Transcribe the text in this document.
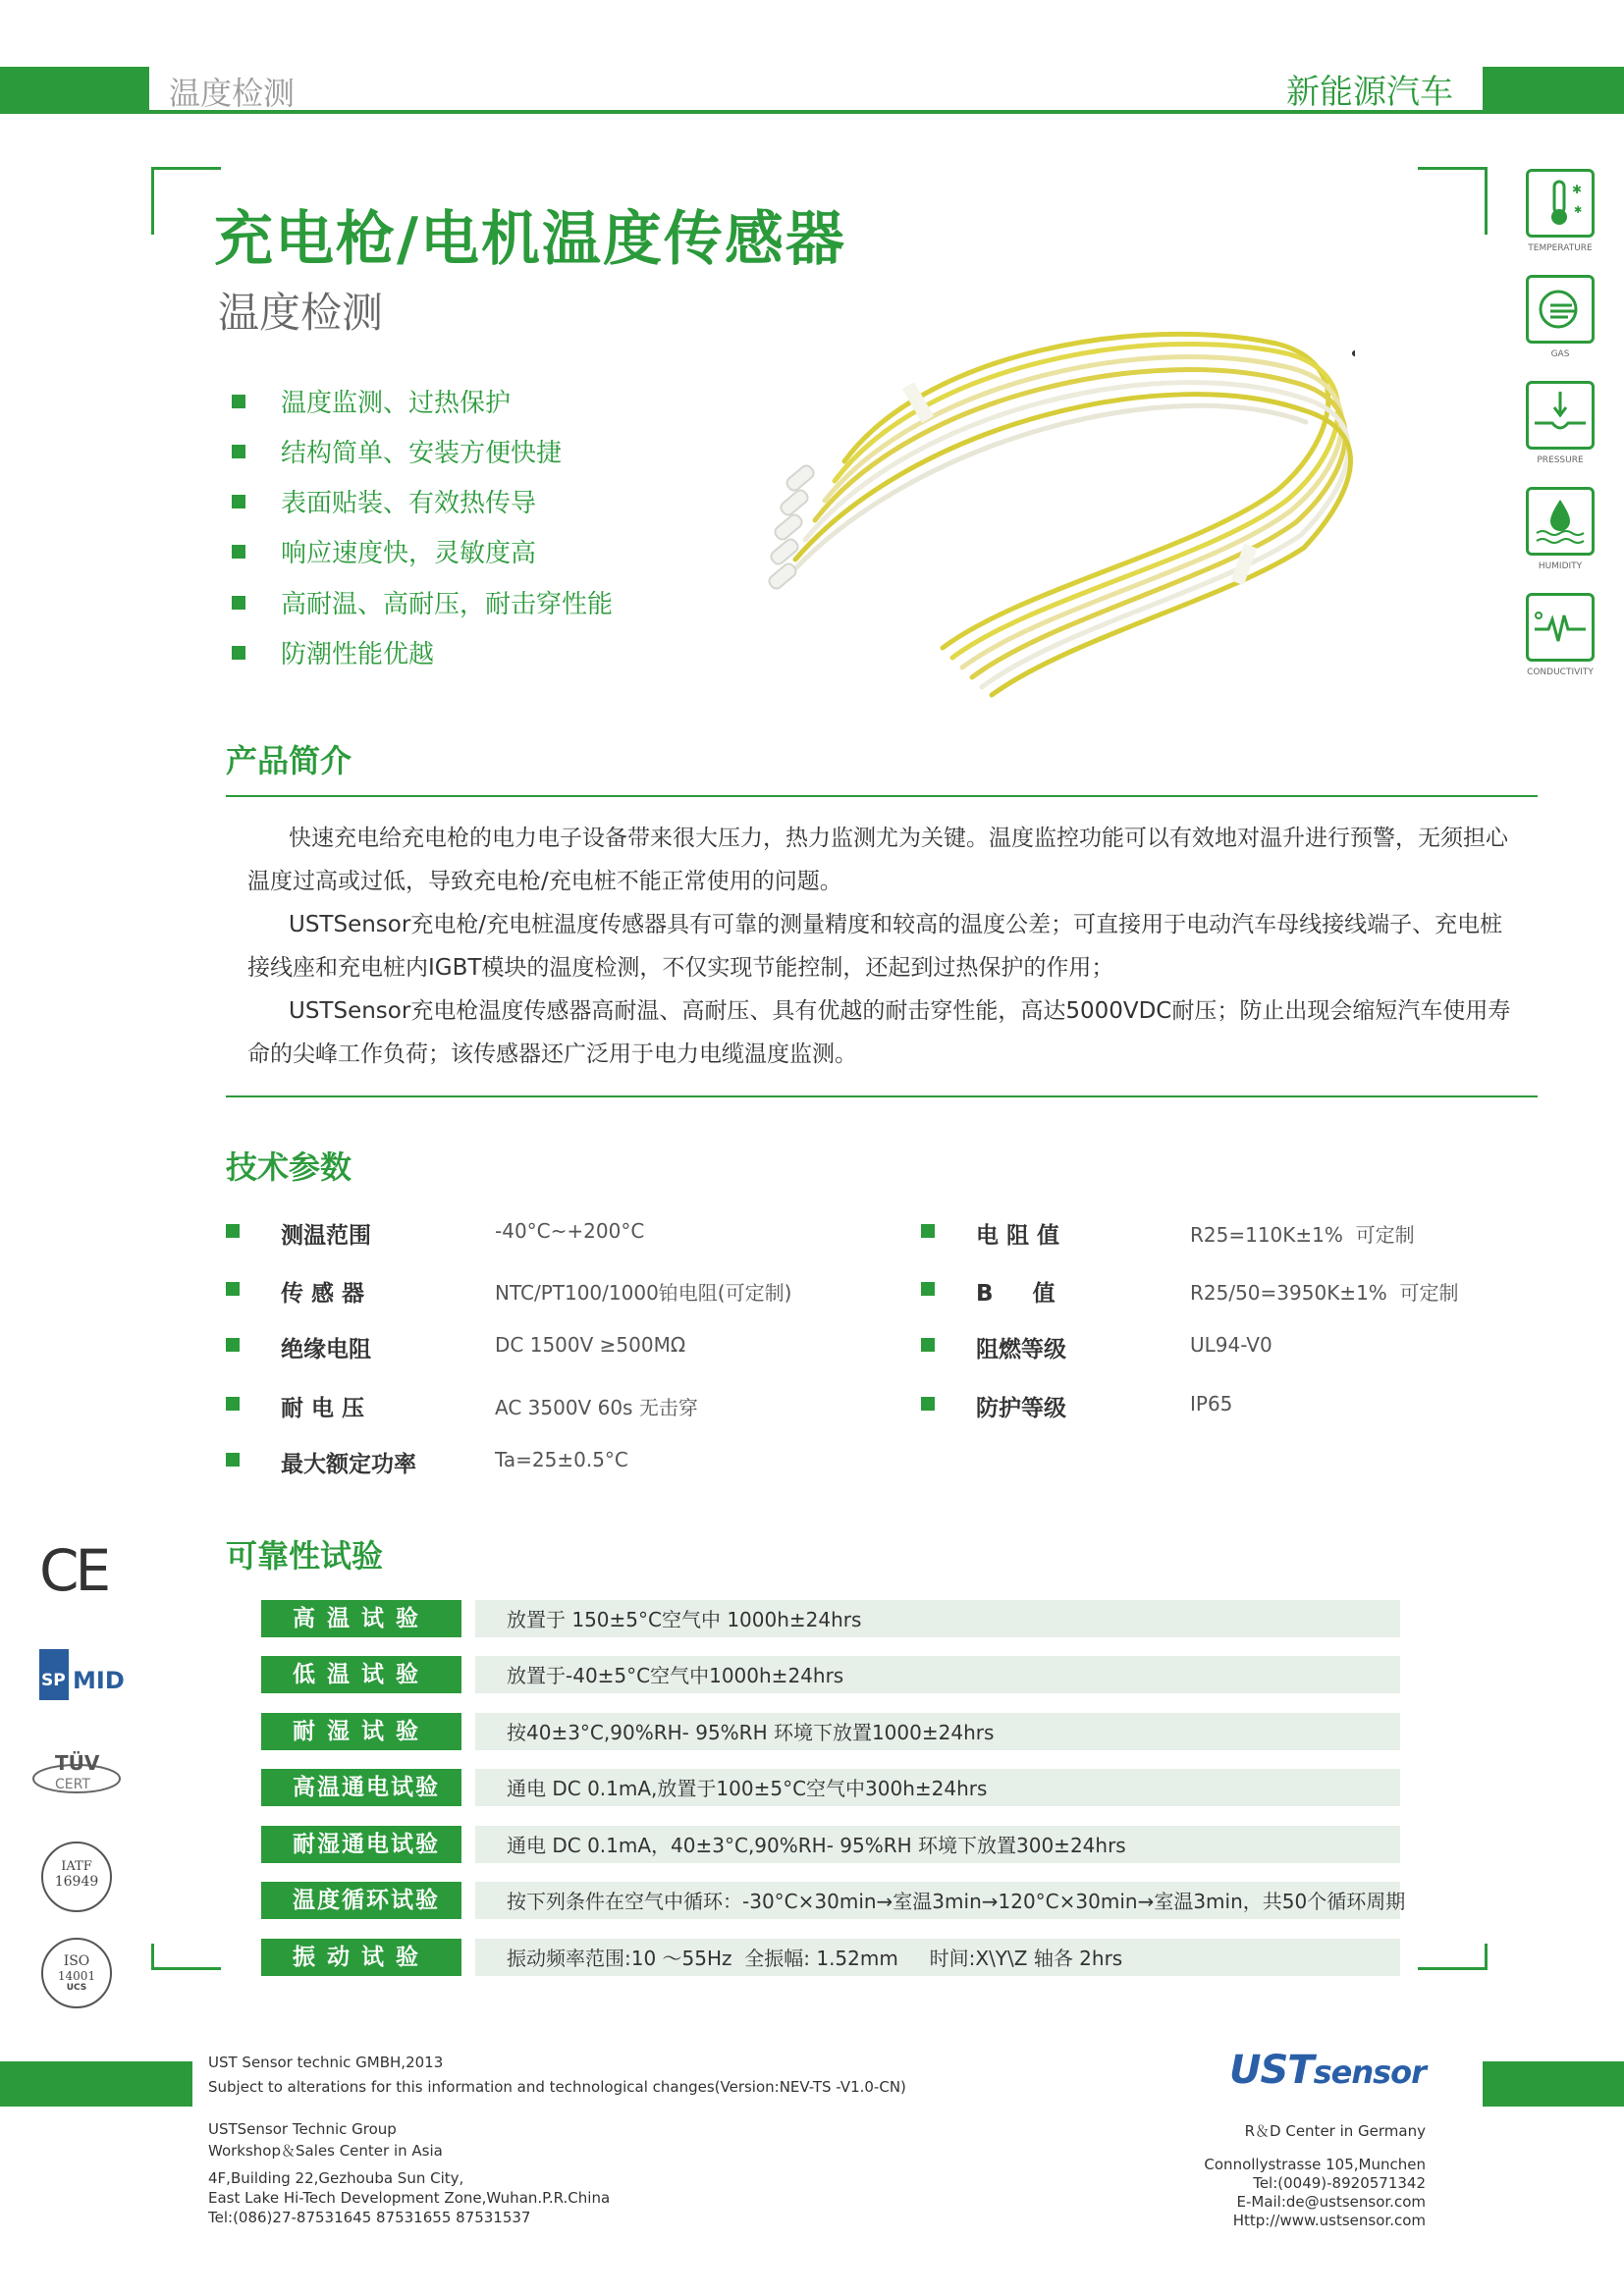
温度检测	新能源汽车
充电枪/电机温度传感器
温度检测
温度监测、过热保护
结构简单、安装方便快捷
表面贴装、有效热传导
响应速度快，灵敏度高
高耐温、高耐压，耐击穿性能
防潮性能优越
✱
✱
TEMPERATURE
GAS
PRESSURE
HUMIDITY
CONDUCTIVITY
产品简介

快速充电给充电枪的电力电子设备带来很大压力，热力监测尤为关键。温度监控功能可以有效地对温升进行预警，无须担心温度过高或过低，导致充电枪/充电桩不能正常使用的问题。

USTSensor充电枪/充电桩温度传感器具有可靠的测量精度和较高的温度公差；可直接用于电动汽车母线接线端子、充电桩接线座和充电桩内IGBT模块的温度检测，不仅实现节能控制，还起到过热保护的作用；

USTSensor充电枪温度传感器高耐温、高耐压、具有优越的耐击穿性能，高达5000VDC耐压；防止出现会缩短汽车使用寿命的尖峰工作负荷；该传感器还广泛用于电力电缆温度监测。

技术参数
测温范围	-40°C~+200°C
传 感 器	NTC/PT100/1000铂电阻(可定制)
绝缘电阻	DC 1500V ≥500MΩ
耐 电 压	AC 3500V 60s 无击穿
最大额定功率	Ta=25±0.5°C
电 阻 值	R25=110K±1%  可定制
B     值	R25/50=3950K±1%  可定制
阻燃等级	UL94-V0
防护等级	IP65
可靠性试验
高 温 试 验	放置于 150±5°C空气中 1000h±24hrs
低 温 试 验	放置于-40±5°C空气中1000h±24hrs
耐 湿 试 验	按40±3°C,90%RH- 95%RH 环境下放置1000±24hrs
高温通电试验	通电 DC 0.1mA,放置于100±5°C空气中300h±24hrs
耐湿通电试验	通电 DC 0.1mA，40±3°C,90%RH- 95%RH 环境下放置300±24hrs
温度循环试验	按下列条件在空气中循环：-30°C×30min→室温3min→120°C×30min→室温3min，共50个循环周期
振 动 试 验	振动频率范围:10 ～55Hz  全振幅: 1.52mm     时间:X\Y\Z 轴各 2hrs
CE
SP MID
TÜV
CERT
IATF
16949
ISO
14001
UCS
UST Sensor technic GMBH,2013
Subject to alterations for this information and technological changes(Version:NEV-TS -V1.0-CN)	USTsensor
USTSensor Technic Group
Workshop＆Sales Center in Asia
4F,Building 22,Gezhouba Sun City,
East Lake Hi-Tech Development Zone,Wuhan.P.R.China
Tel:(086)27-87531645 87531655 87531537
R＆D Center in Germany
Connollystrasse 105,Munchen
Tel:(0049)-8920571342
E-Mail:de@ustsensor.com
Http://www.ustsensor.com
